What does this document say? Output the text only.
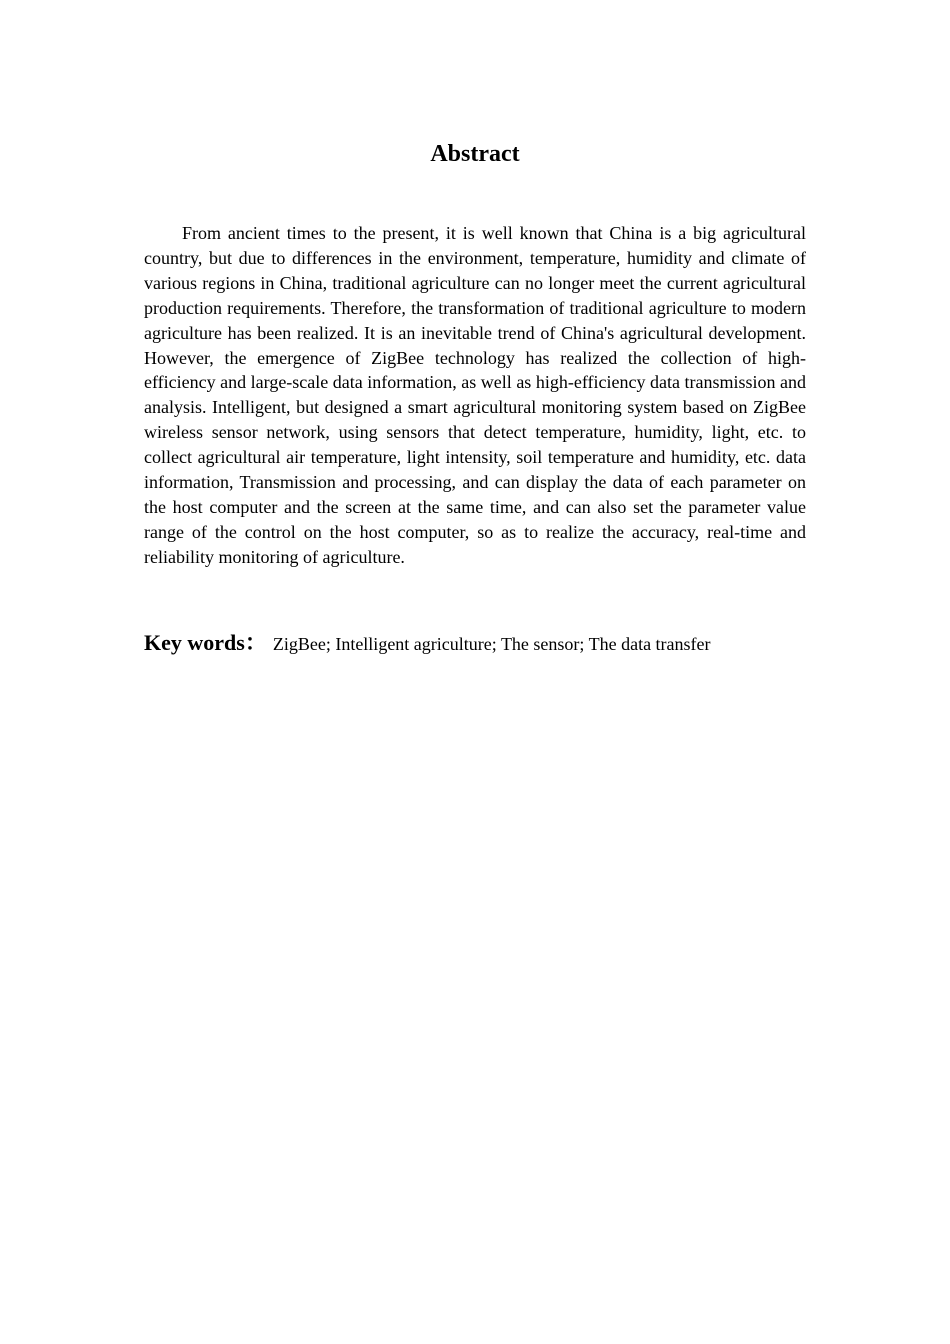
Abstract

From ancient times to the present, it is well known that China is a big agricultural country, but due to differences in the environment, temperature, humidity and climate of various regions in China, traditional agriculture can no longer meet the current agricultural production requirements. Therefore, the transformation of traditional agriculture to modern agriculture has been realized. It is an inevitable trend of China's agricultural development. However, the emergence of ZigBee technology has realized the collection of high-efficiency and large-scale data information, as well as high-efficiency data transmission and analysis. Intelligent, but designed a smart agricultural monitoring system based on ZigBee wireless sensor network, using sensors that detect temperature, humidity, light, etc. to collect agricultural air temperature, light intensity, soil temperature and humidity, etc. data information, Transmission and processing, and can display the data of each parameter on the host computer and the screen at the same time, and can also set the parameter value range of the control on the host computer, so as to realize the accuracy, real-time and reliability monitoring of agriculture.

Key words： ZigBee; Intelligent agriculture; The sensor; The data transfer
